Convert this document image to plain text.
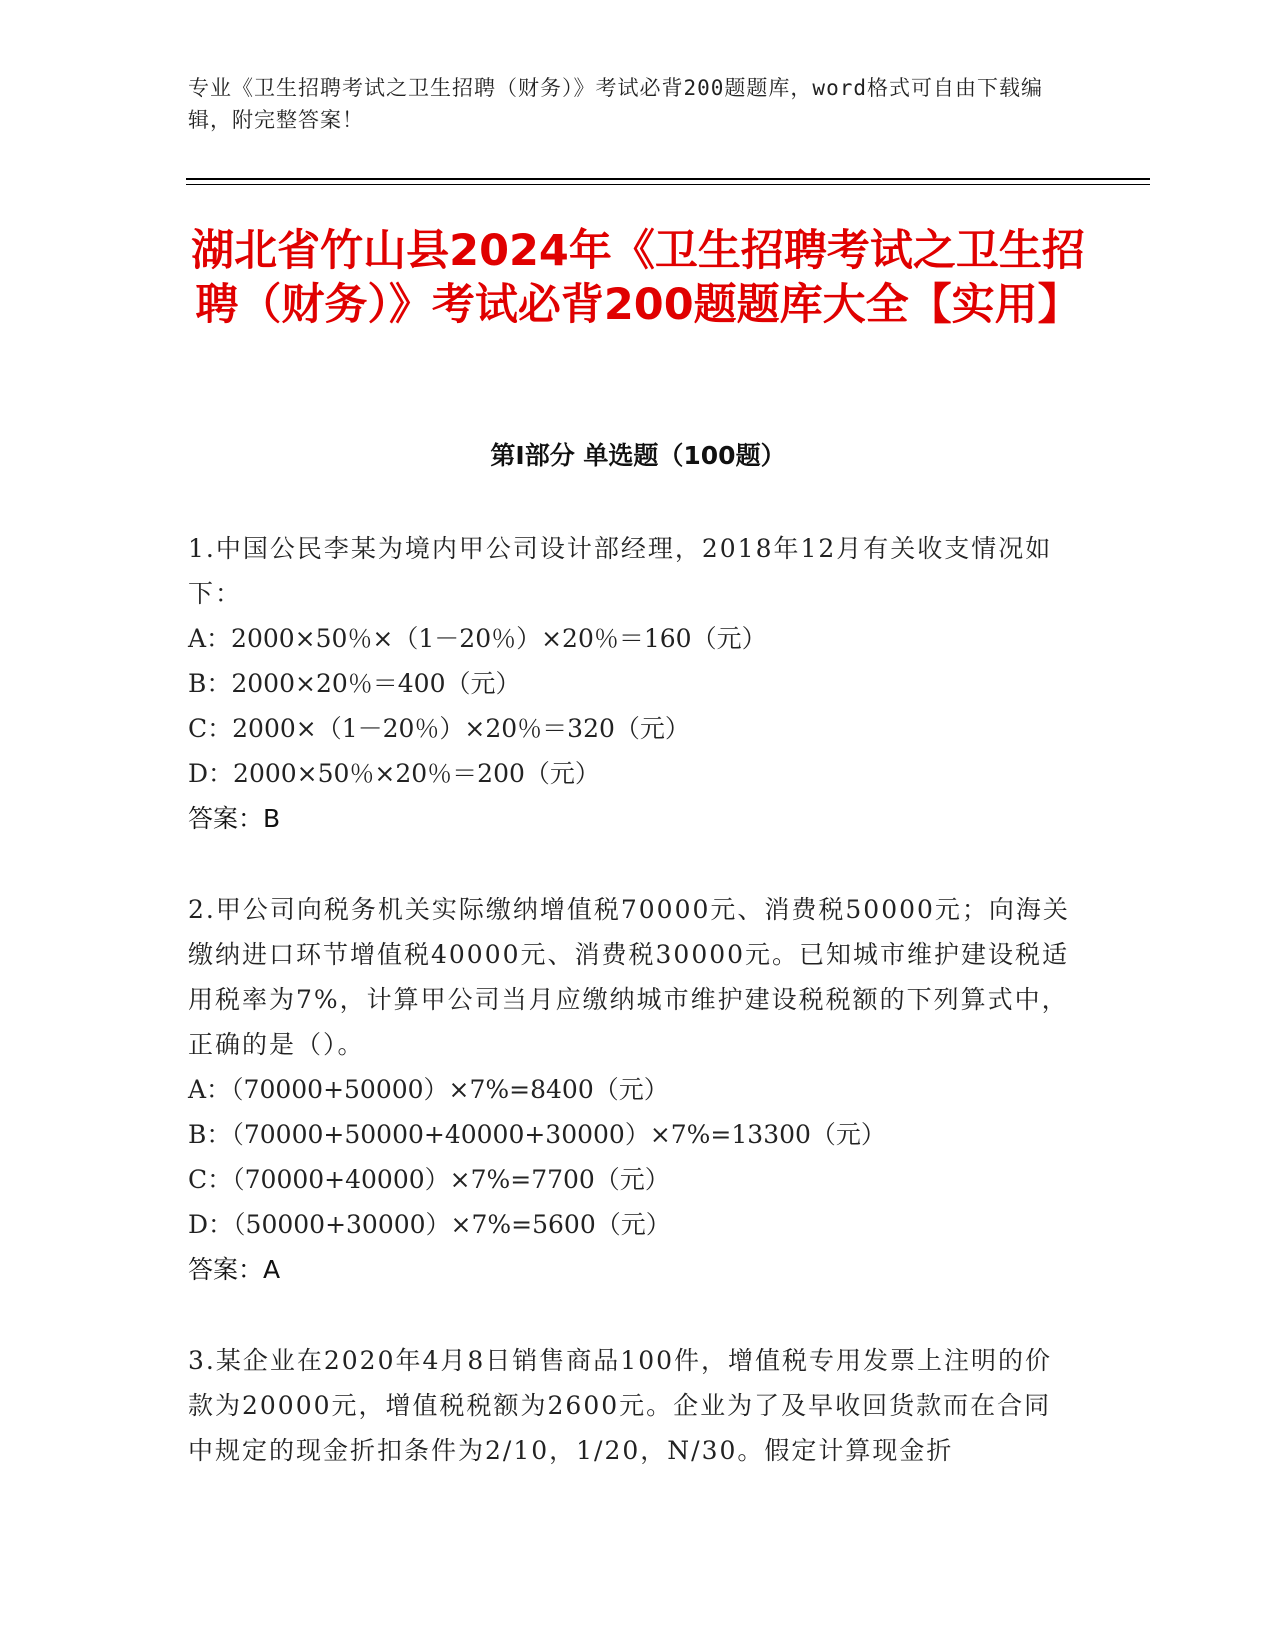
专业《卫生招聘考试之卫生招聘（财务）》考试必背200题题库，word格式可自由下载编辑，附完整答案！
湖北省竹山县2024年《卫生招聘考试之卫生招聘（财务）》考试必背200题题库大全【实用】
第I部分 单选题（100题）

1.中国公民李某为境内甲公司设计部经理，2018年12月有关收支情况如下：

A：2000×50％×（1－20％）×20％＝160（元）

B：2000×20％＝400（元）

C：2000×（1－20％）×20％＝320（元）

D：2000×50％×20％＝200（元）

答案：B

2.甲公司向税务机关实际缴纳增值税70000元、消费税50000元；向海关缴纳进口环节增值税40000元、消费税30000元。已知城市维护建设税适用税率为7%，计算甲公司当月应缴纳城市维护建设税税额的下列算式中，正确的是（）。

A：（70000+50000）×7%=8400（元）

B：（70000+50000+40000+30000）×7%=13300（元）

C：（70000+40000）×7%=7700（元）

D：（50000+30000）×7%=5600（元）

答案：A

3.某企业在2020年4月8日销售商品100件，增值税专用发票上注明的价款为20000元，增值税税额为2600元。企业为了及早收回货款而在合同中规定的现金折扣条件为2/10，1/20，N/30。假定计算现金折
